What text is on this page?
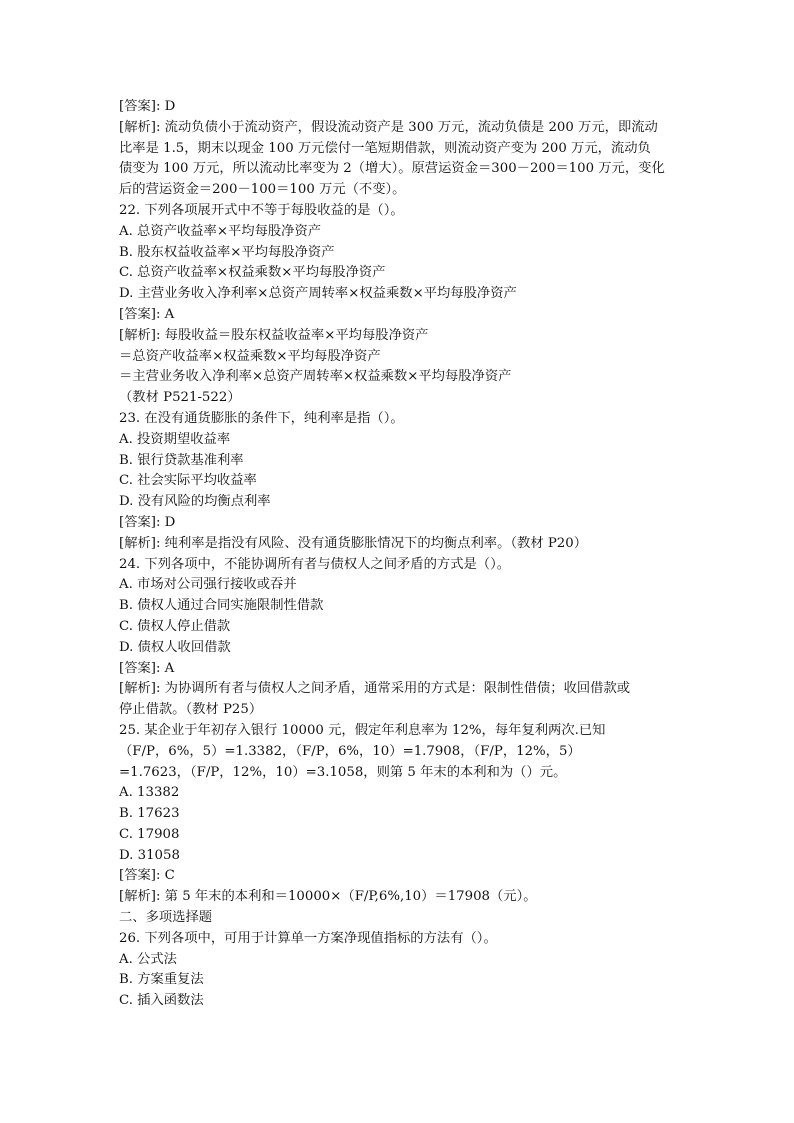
[答案]: D
[解析]: 流动负债小于流动资产，假设流动资产是 300 万元，流动负债是 200 万元，即流动
比率是 1.5，期末以现金 100 万元偿付一笔短期借款，则流动资产变为 200 万元，流动负
债变为 100 万元，所以流动比率变为 2（增大）。原营运资金＝300－200＝100 万元，变化
后的营运资金＝200－100＝100 万元（不变）。
22. 下列各项展开式中不等于每股收益的是（）。
A. 总资产收益率×平均每股净资产
B. 股东权益收益率×平均每股净资产
C. 总资产收益率×权益乘数×平均每股净资产
D. 主营业务收入净利率×总资产周转率×权益乘数×平均每股净资产
[答案]: A
[解析]: 每股收益＝股东权益收益率×平均每股净资产
＝总资产收益率×权益乘数×平均每股净资产
＝主营业务收入净利率×总资产周转率×权益乘数×平均每股净资产
（教材 P521-522）
23. 在没有通货膨胀的条件下，纯利率是指（）。
A. 投资期望收益率
B. 银行贷款基准利率
C. 社会实际平均收益率
D. 没有风险的均衡点利率
[答案]: D
[解析]: 纯利率是指没有风险、没有通货膨胀情况下的均衡点利率。（教材 P20）
24. 下列各项中，不能协调所有者与债权人之间矛盾的方式是（）。
A. 市场对公司强行接收或吞并
B. 债权人通过合同实施限制性借款
C. 债权人停止借款
D. 债权人收回借款
[答案]: A
[解析]: 为协调所有者与债权人之间矛盾，通常采用的方式是：限制性借债；收回借款或
停止借款。（教材 P25）
25. 某企业于年初存入银行 10000 元，假定年利息率为 12%，每年复利两次.已知
（F/P，6%，5）=1.3382，（F/P，6%，10）=1.7908，（F/P，12%，5）
=1.7623，（F/P，12%，10）=3.1058，则第 5 年末的本利和为（）元。
A. 13382
B. 17623
C. 17908
D. 31058
[答案]: C
[解析]: 第 5 年末的本利和＝10000×（F/P,6%,10）＝17908（元）。
二、多项选择题
26. 下列各项中，可用于计算单一方案净现值指标的方法有（）。
A. 公式法
B. 方案重复法
C. 插入函数法
